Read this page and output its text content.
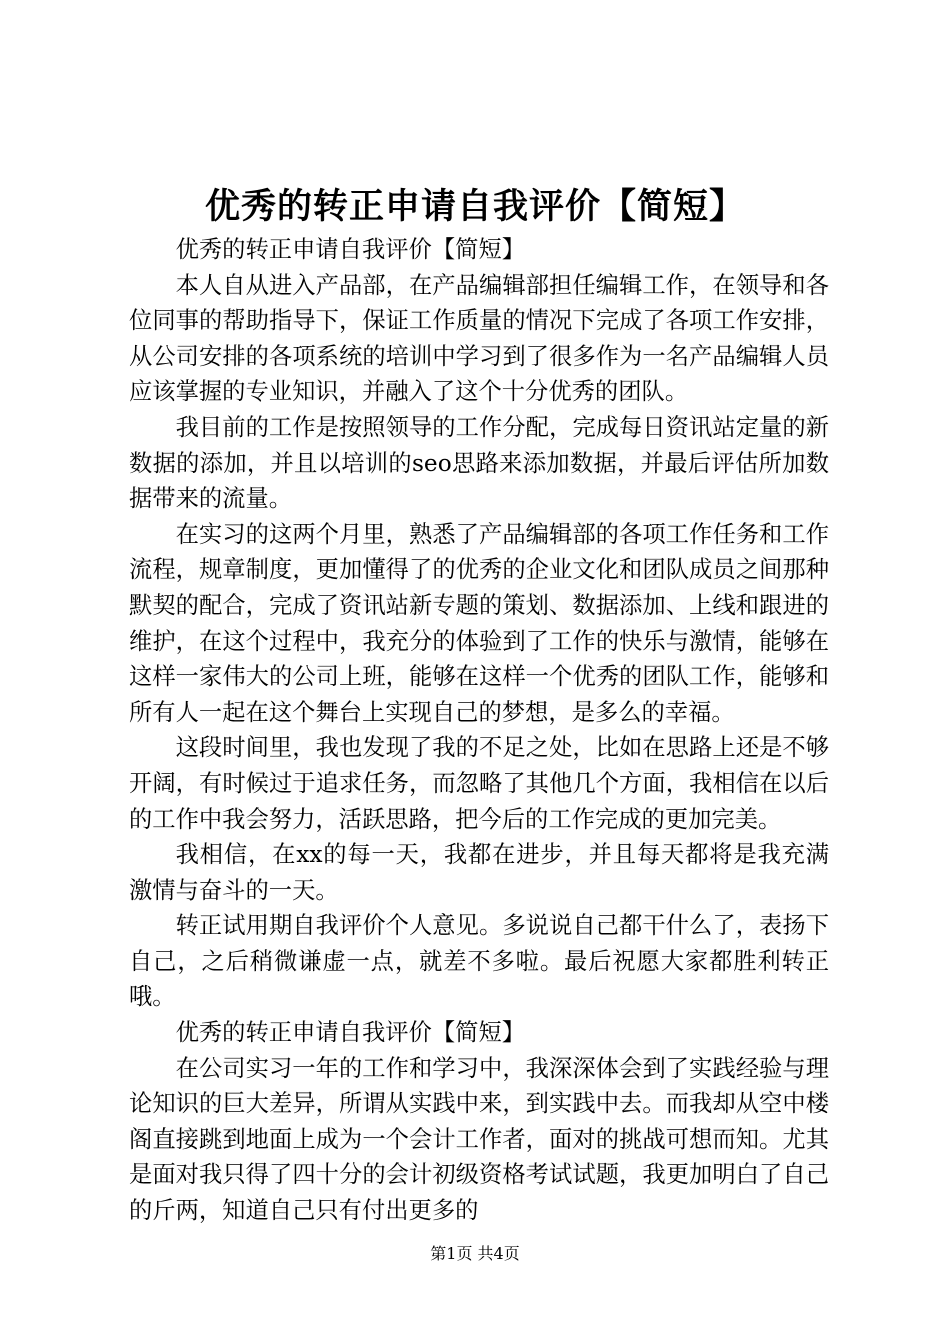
优秀的转正申请自我评价【简短】

优秀的转正申请自我评价【简短】

本人自从进入产品部，在产品编辑部担任编辑工作，在领导和各位同事的帮助指导下，保证工作质量的情况下完成了各项工作安排，从公司安排的各项系统的培训中学习到了很多作为一名产品编辑人员应该掌握的专业知识，并融入了这个十分优秀的团队。

我目前的工作是按照领导的工作分配，完成每日资讯站定量的新数据的添加，并且以培训的seo思路来添加数据，并最后评估所加数据带来的流量。

在实习的这两个月里，熟悉了产品编辑部的各项工作任务和工作流程，规章制度，更加懂得了的优秀的企业文化和团队成员之间那种默契的配合，完成了资讯站新专题的策划、数据添加、上线和跟进的维护，在这个过程中，我充分的体验到了工作的快乐与激情，能够在这样一家伟大的公司上班，能够在这样一个优秀的团队工作，能够和所有人一起在这个舞台上实现自己的梦想，是多么的幸福。

这段时间里，我也发现了我的不足之处，比如在思路上还是不够开阔，有时候过于追求任务，而忽略了其他几个方面，我相信在以后的工作中我会努力，活跃思路，把今后的工作完成的更加完美。

我相信，在xx的每一天，我都在进步，并且每天都将是我充满激情与奋斗的一天。

转正试用期自我评价个人意见。多说说自己都干什么了，表扬下自己，之后稍微谦虚一点，就差不多啦。最后祝愿大家都胜利转正哦。

优秀的转正申请自我评价【简短】

在公司实习一年的工作和学习中，我深深体会到了实践经验与理论知识的巨大差异，所谓从实践中来，到实践中去。而我却从空中楼阁直接跳到地面上成为一个会计工作者，面对的挑战可想而知。尤其是面对我只得了四十分的会计初级资格考试试题，我更加明白了自己的斤两，知道自己只有付出更多的

第1页 共4页
